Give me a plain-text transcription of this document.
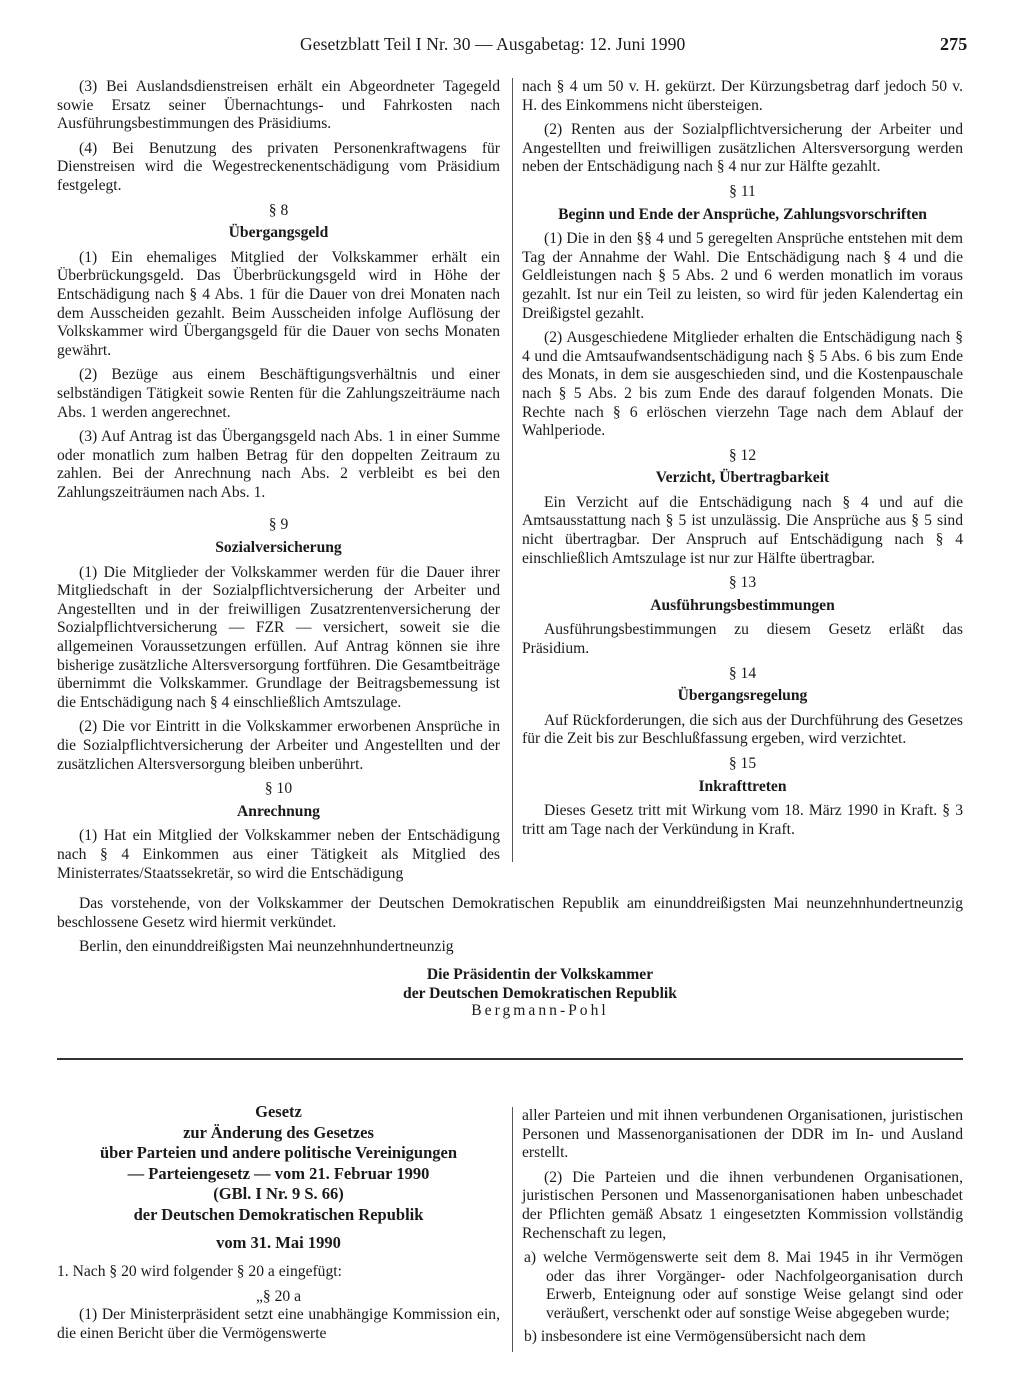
Gesetzblatt Teil I Nr. 30 — Ausgabetag: 12. Juni 1990	275

(3) Bei Auslandsdienstreisen erhält ein Abgeordneter Tagegeld sowie Ersatz seiner Übernachtungs- und Fahrkosten nach Ausführungsbestimmungen des Präsidiums.

(4) Bei Benutzung des privaten Personenkraftwagens für Dienstreisen wird die Wegestreckenentschädigung vom Präsidium festgelegt.

§ 8
Übergangsgeld

(1) Ein ehemaliges Mitglied der Volkskammer erhält ein Überbrückungsgeld. Das Überbrückungsgeld wird in Höhe der Entschädigung nach § 4 Abs. 1 für die Dauer von drei Monaten nach dem Ausscheiden gezahlt. Beim Ausscheiden infolge Auflösung der Volkskammer wird Übergangsgeld für die Dauer von sechs Monaten gewährt.

(2) Bezüge aus einem Beschäftigungsverhältnis und einer selbständigen Tätigkeit sowie Renten für die Zahlungszeiträume nach Abs. 1 werden angerechnet.

(3) Auf Antrag ist das Übergangsgeld nach Abs. 1 in einer Summe oder monatlich zum halben Betrag für den doppelten Zeitraum zu zahlen. Bei der Anrechnung nach Abs. 2 verbleibt es bei den Zahlungszeiträumen nach Abs. 1.

§ 9
Sozialversicherung

(1) Die Mitglieder der Volkskammer werden für die Dauer ihrer Mitgliedschaft in der Sozialpflichtversicherung der Arbeiter und Angestellten und in der freiwilligen Zusatzrentenversicherung der Sozialpflichtversicherung — FZR — versichert, soweit sie die allgemeinen Voraussetzungen erfüllen. Auf Antrag können sie ihre bisherige zusätzliche Altersversorgung fortführen. Die Gesamtbeiträge übernimmt die Volkskammer. Grundlage der Beitragsbemessung ist die Entschädigung nach § 4 einschließlich Amtszulage.

(2) Die vor Eintritt in die Volkskammer erworbenen Ansprüche in die Sozialpflichtversicherung der Arbeiter und Angestellten und der zusätzlichen Altersversorgung bleiben unberührt.

§ 10
Anrechnung

(1) Hat ein Mitglied der Volkskammer neben der Entschädigung nach § 4 Einkommen aus einer Tätigkeit als Mitglied des Ministerrates/Staatssekretär, so wird die Entschädigung

nach § 4 um 50 v. H. gekürzt. Der Kürzungsbetrag darf jedoch 50 v. H. des Einkommens nicht übersteigen.

(2) Renten aus der Sozialpflichtversicherung der Arbeiter und Angestellten und freiwilligen zusätzlichen Altersversorgung werden neben der Entschädigung nach § 4 nur zur Hälfte gezahlt.

§ 11
Beginn und Ende der Ansprüche, Zahlungsvorschriften

(1) Die in den §§ 4 und 5 geregelten Ansprüche entstehen mit dem Tag der Annahme der Wahl. Die Entschädigung nach § 4 und die Geldleistungen nach § 5 Abs. 2 und 6 werden monatlich im voraus gezahlt. Ist nur ein Teil zu leisten, so wird für jeden Kalendertag ein Dreißigstel gezahlt.

(2) Ausgeschiedene Mitglieder erhalten die Entschädigung nach § 4 und die Amtsaufwandsentschädigung nach § 5 Abs. 6 bis zum Ende des Monats, in dem sie ausgeschieden sind, und die Kostenpauschale nach § 5 Abs. 2 bis zum Ende des darauf folgenden Monats. Die Rechte nach § 6 erlöschen vierzehn Tage nach dem Ablauf der Wahlperiode.

§ 12
Verzicht, Übertragbarkeit

Ein Verzicht auf die Entschädigung nach § 4 und auf die Amtsausstattung nach § 5 ist unzulässig. Die Ansprüche aus § 5 sind nicht übertragbar. Der Anspruch auf Entschädigung nach § 4 einschließlich Amtszulage ist nur zur Hälfte übertragbar.

§ 13
Ausführungsbestimmungen

Ausführungsbestimmungen zu diesem Gesetz erläßt das Präsidium.

§ 14
Übergangsregelung

Auf Rückforderungen, die sich aus der Durchführung des Gesetzes für die Zeit bis zur Beschlußfassung ergeben, wird verzichtet.

§ 15
Inkrafttreten

Dieses Gesetz tritt mit Wirkung vom 18. März 1990 in Kraft. § 3 tritt am Tage nach der Verkündung in Kraft.

Das vorstehende, von der Volkskammer der Deutschen Demokratischen Republik am einunddreißigsten Mai neunzehnhundertneunzig beschlossene Gesetz wird hiermit verkündet.

Berlin, den einunddreißigsten Mai neunzehnhundertneunzig

Die Präsidentin der Volkskammer
der Deutschen Demokratischen Republik
Bergmann-Pohl
Gesetz
zur Änderung des Gesetzes
über Parteien und andere politische Vereinigungen
— Parteiengesetz — vom 21. Februar 1990
(GBl. I Nr. 9 S. 66)
der Deutschen Demokratischen Republik
vom 31. Mai 1990

1. Nach § 20 wird folgender § 20 a eingefügt:

„§ 20 a

(1) Der Ministerpräsident setzt eine unabhängige Kommission ein, die einen Bericht über die Vermögenswerte

aller Parteien und mit ihnen verbundenen Organisationen, juristischen Personen und Massenorganisationen der DDR im In- und Ausland erstellt.

(2) Die Parteien und die ihnen verbundenen Organisationen, juristischen Personen und Massenorganisationen haben unbeschadet der Pflichten gemäß Absatz 1 eingesetzten Kommission vollständig Rechenschaft zu legen,

a) welche Vermögenswerte seit dem 8. Mai 1945 in ihr Vermögen oder das ihrer Vorgänger- oder Nachfolgeorganisation durch Erwerb, Enteignung oder auf sonstige Weise gelangt sind oder veräußert, verschenkt oder auf sonstige Weise abgegeben wurde;
b) insbesondere ist eine Vermögensübersicht nach dem
